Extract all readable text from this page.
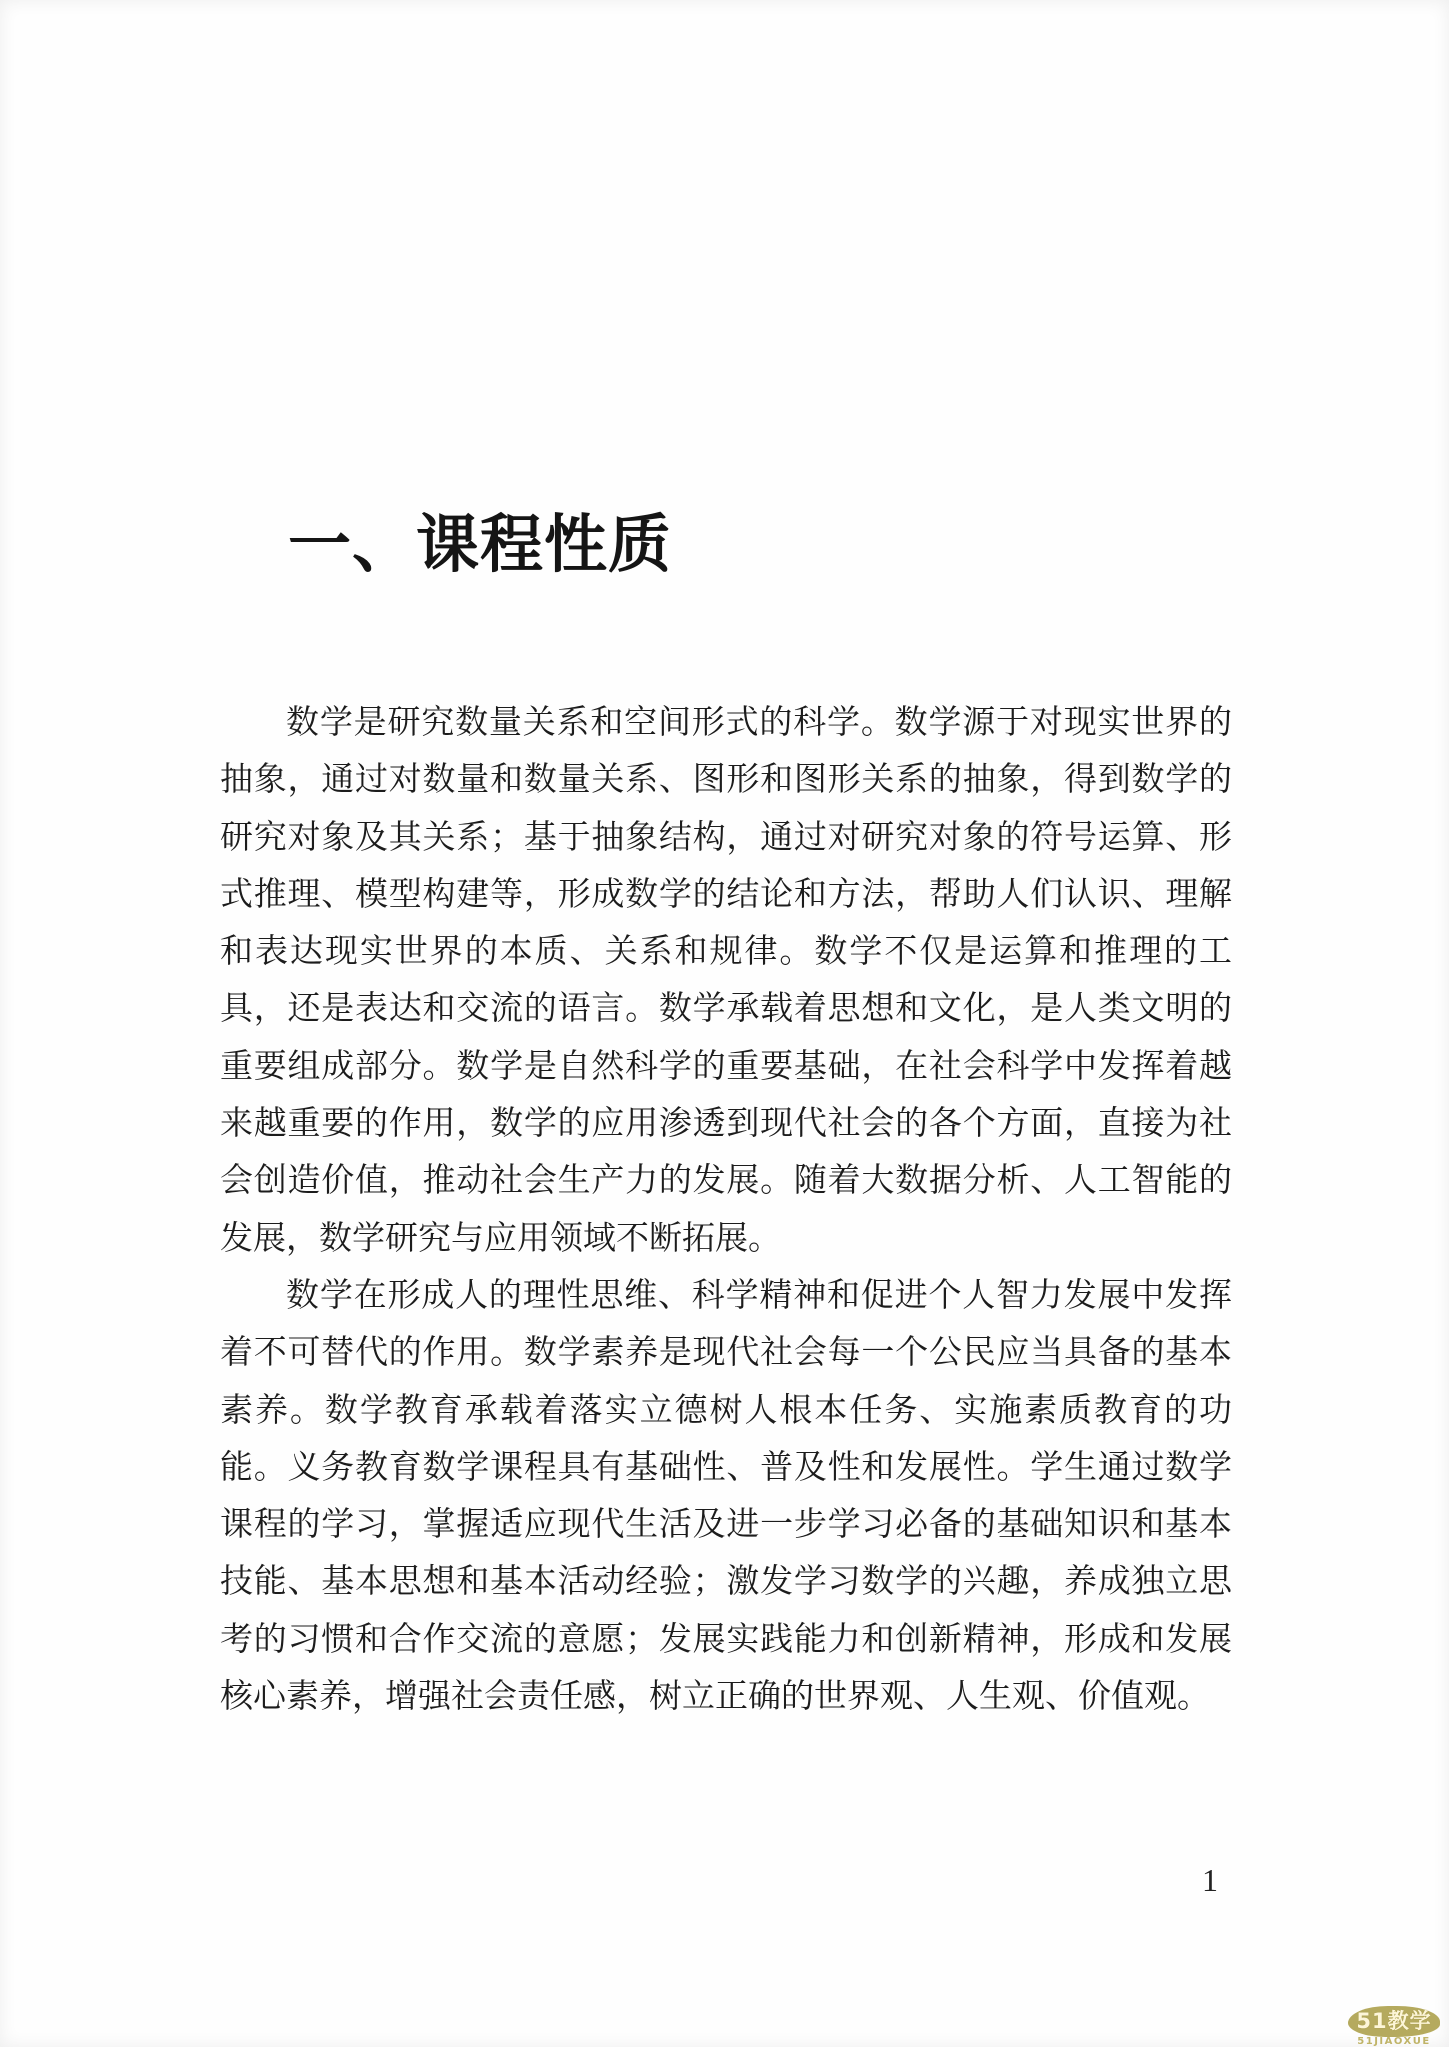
一、课程性质
数学是研究数量关系和空间形式的科学。数学源于对现实世界的
抽象，通过对数量和数量关系、图形和图形关系的抽象，得到数学的
研究对象及其关系；基于抽象结构，通过对研究对象的符号运算、形
式推理、模型构建等，形成数学的结论和方法，帮助人们认识、理解
和表达现实世界的本质、关系和规律。数学不仅是运算和推理的工
具，还是表达和交流的语言。数学承载着思想和文化，是人类文明的
重要组成部分。数学是自然科学的重要基础，在社会科学中发挥着越
来越重要的作用，数学的应用渗透到现代社会的各个方面，直接为社
会创造价值，推动社会生产力的发展。随着大数据分析、人工智能的
发展，数学研究与应用领域不断拓展。
数学在形成人的理性思维、科学精神和促进个人智力发展中发挥
着不可替代的作用。数学素养是现代社会每一个公民应当具备的基本
素养。数学教育承载着落实立德树人根本任务、实施素质教育的功
能。义务教育数学课程具有基础性、普及性和发展性。学生通过数学
课程的学习，掌握适应现代生活及进一步学习必备的基础知识和基本
技能、基本思想和基本活动经验；激发学习数学的兴趣，养成独立思
考的习惯和合作交流的意愿；发展实践能力和创新精神，形成和发展
核心素养，增强社会责任感，树立正确的世界观、人生观、价值观。
1
51教学
51JIAOXUE
